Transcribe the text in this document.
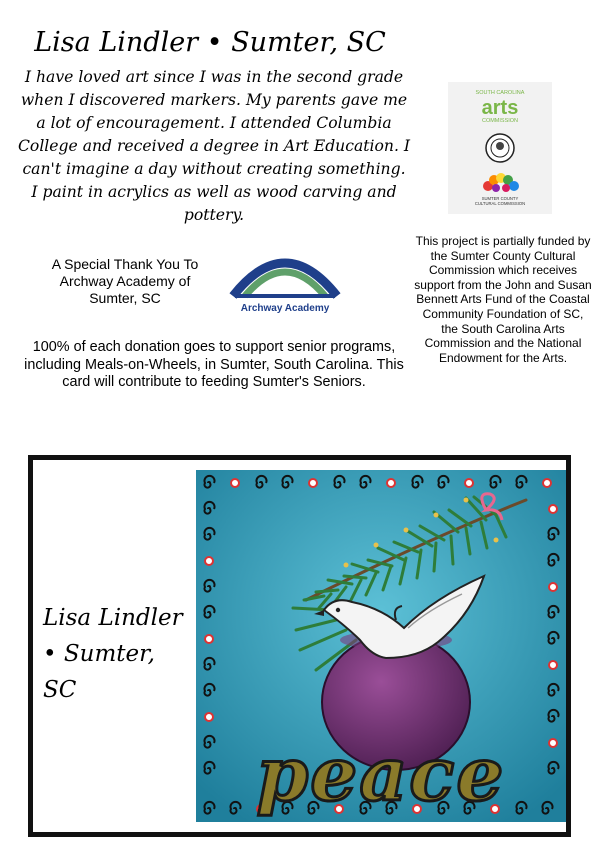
Lisa Lindler • Sumter, SC
I have loved art since I was in the second grade when I discovered markers. My parents gave me a lot of encouragement. I attended Columbia College and received a degree in Art Education. I can't imagine a day without creating something. I paint in acrylics as well as wood carving and pottery.
A Special Thank You To
Archway Academy of
Sumter, SC
Archway Academy
100% of each donation goes to support senior programs, including Meals-on-Wheels, in Sumter, South Carolina. This card will contribute to feeding Sumter's Seniors.
SOUTH CAROLINA
arts
COMMISSION
SUMTER COUNTY
CULTURAL COMMISSION
This project is partially funded by the Sumter County Cultural Commission which receives support from the John and Susan Bennett Arts Fund of the Coastal Community Foundation of SC, the South Carolina Arts Commission and the National Endowment for the Arts.
Lisa Lindler
• Sumter, SC
peace
